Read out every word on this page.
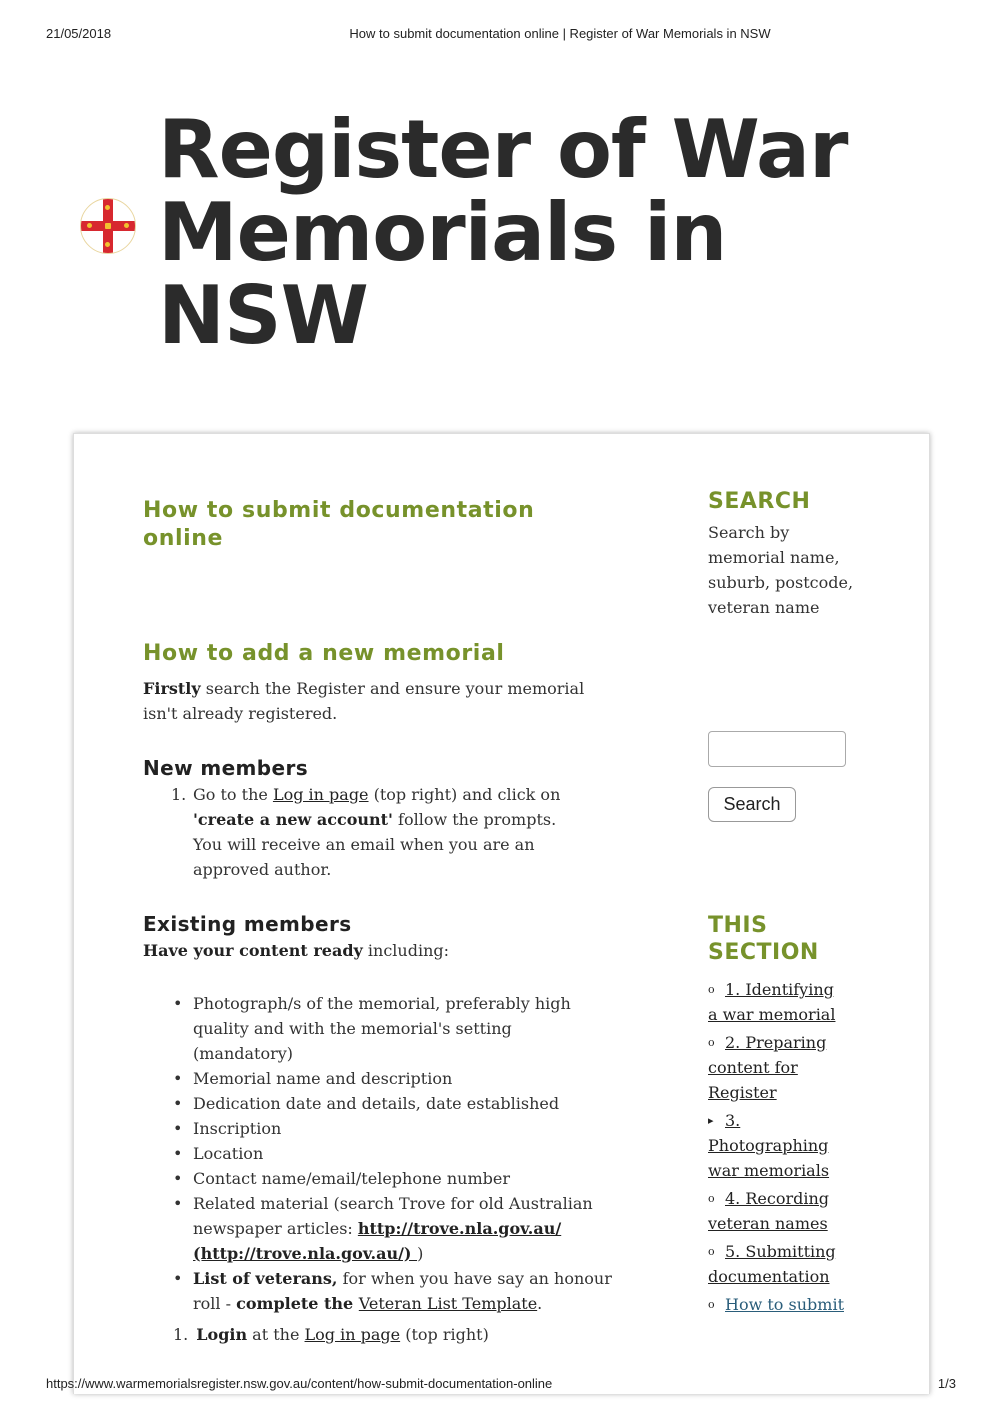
21/05/2018	How to submit documentation online | Register of War Memorials in NSW
Register of War
Memorials in
NSW
How to submit documentation online
How to add a new memorial

Firstly search the Register and ensure your memorial isn't already registered.

New members
1. Go to the Log in page (top right) and click on 'create a new account' follow the prompts. You will receive an email when you are an approved author.
Existing members

Have your content ready including:

• Photograph/s of the memorial, preferably high quality and with the memorial's setting (mandatory)
• Memorial name and description
• Dedication date and details, date established
• Inscription
• Location
• Contact name/email/telephone number
• Related material (search Trove for old Australian newspaper articles: http://trove.nla.gov.au/ (http://trove.nla.gov.au/) )
• List of veterans, for when you have say an honour roll - complete the Veteran List Template.

1. Login at the Log in page (top right)

SEARCH

Search by memorial name, suburb, postcode, veteran name

Search
THIS SECTION
o 1. Identifying a war memorial
o 2. Preparing content for Register
▸ 3. Photographing war memorials
o 4. Recording veteran names
o 5. Submitting documentation
o How to submit
https://www.warmemorialsregister.nsw.gov.au/content/how-submit-documentation-online	1/3
